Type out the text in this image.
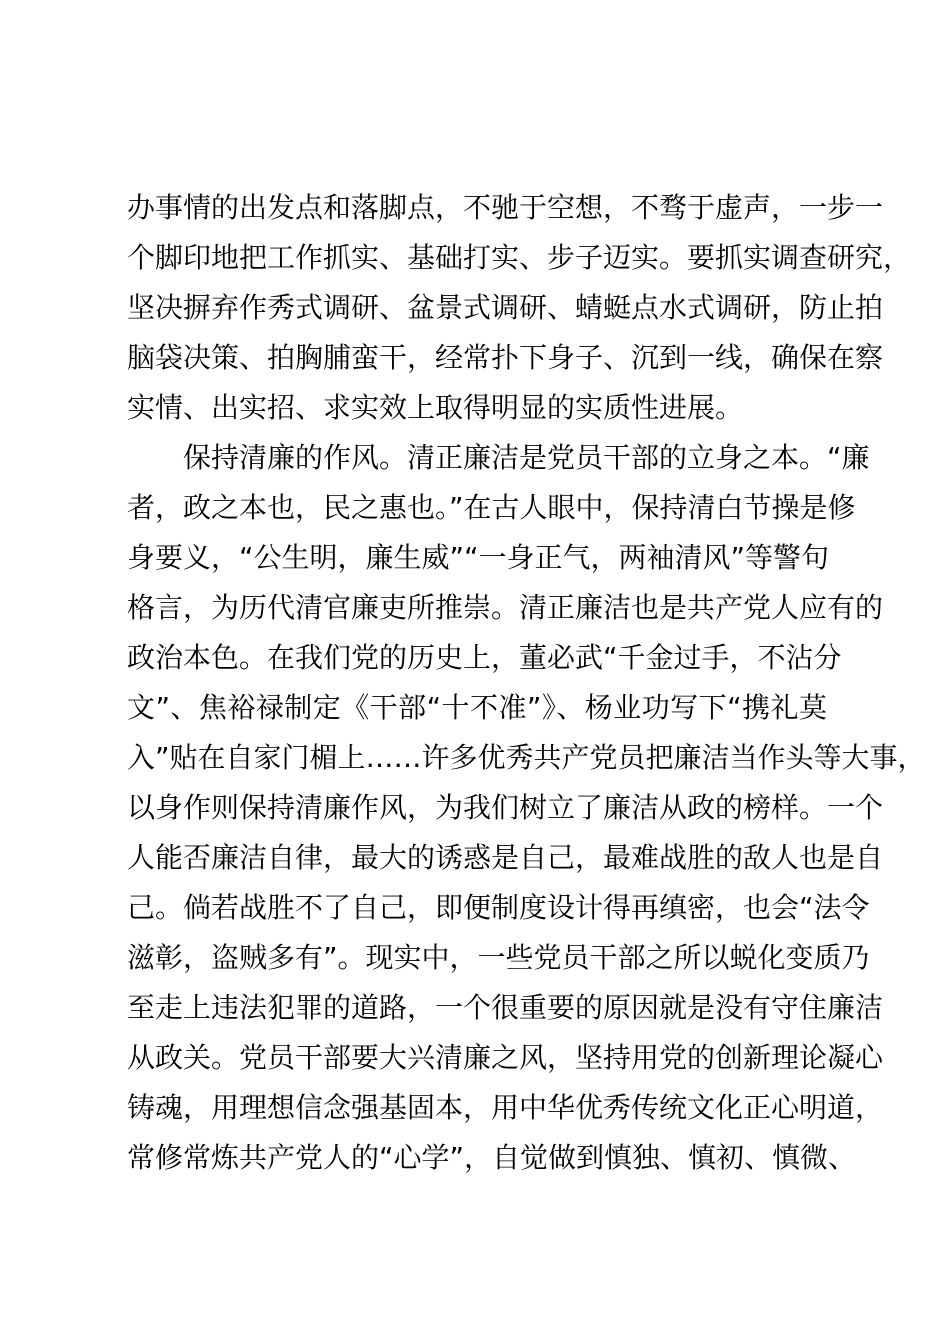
办事情的出发点和落脚点，不驰于空想，不骛于虚声，一步一
个脚印地把工作抓实、基础打实、步子迈实。要抓实调查研究，
坚决摒弃作秀式调研、盆景式调研、蜻蜓点水式调研，防止拍
脑袋决策、拍胸脯蛮干，经常扑下身子、沉到一线，确保在察
实情、出实招、求实效上取得明显的实质性进展。
保持清廉的作风。清正廉洁是党员干部的立身之本。“廉
者，政之本也，民之惠也。”在古人眼中，保持清白节操是修
身要义，“公生明，廉生威”“一身正气，两袖清风”等警句
格言，为历代清官廉吏所推崇。清正廉洁也是共产党人应有的
政治本色。在我们党的历史上，董必武“千金过手，不沾分
文”、焦裕禄制定《干部“十不准”》、杨业功写下“携礼莫
入”贴在自家门楣上……许多优秀共产党员把廉洁当作头等大事，
以身作则保持清廉作风，为我们树立了廉洁从政的榜样。一个
人能否廉洁自律，最大的诱惑是自己，最难战胜的敌人也是自
己。倘若战胜不了自己，即便制度设计得再缜密，也会“法令
滋彰，盗贼多有”。现实中，一些党员干部之所以蜕化变质乃
至走上违法犯罪的道路，一个很重要的原因就是没有守住廉洁
从政关。党员干部要大兴清廉之风，坚持用党的创新理论凝心
铸魂，用理想信念强基固本，用中华优秀传统文化正心明道，
常修常炼共产党人的“心学”，自觉做到慎独、慎初、慎微、
